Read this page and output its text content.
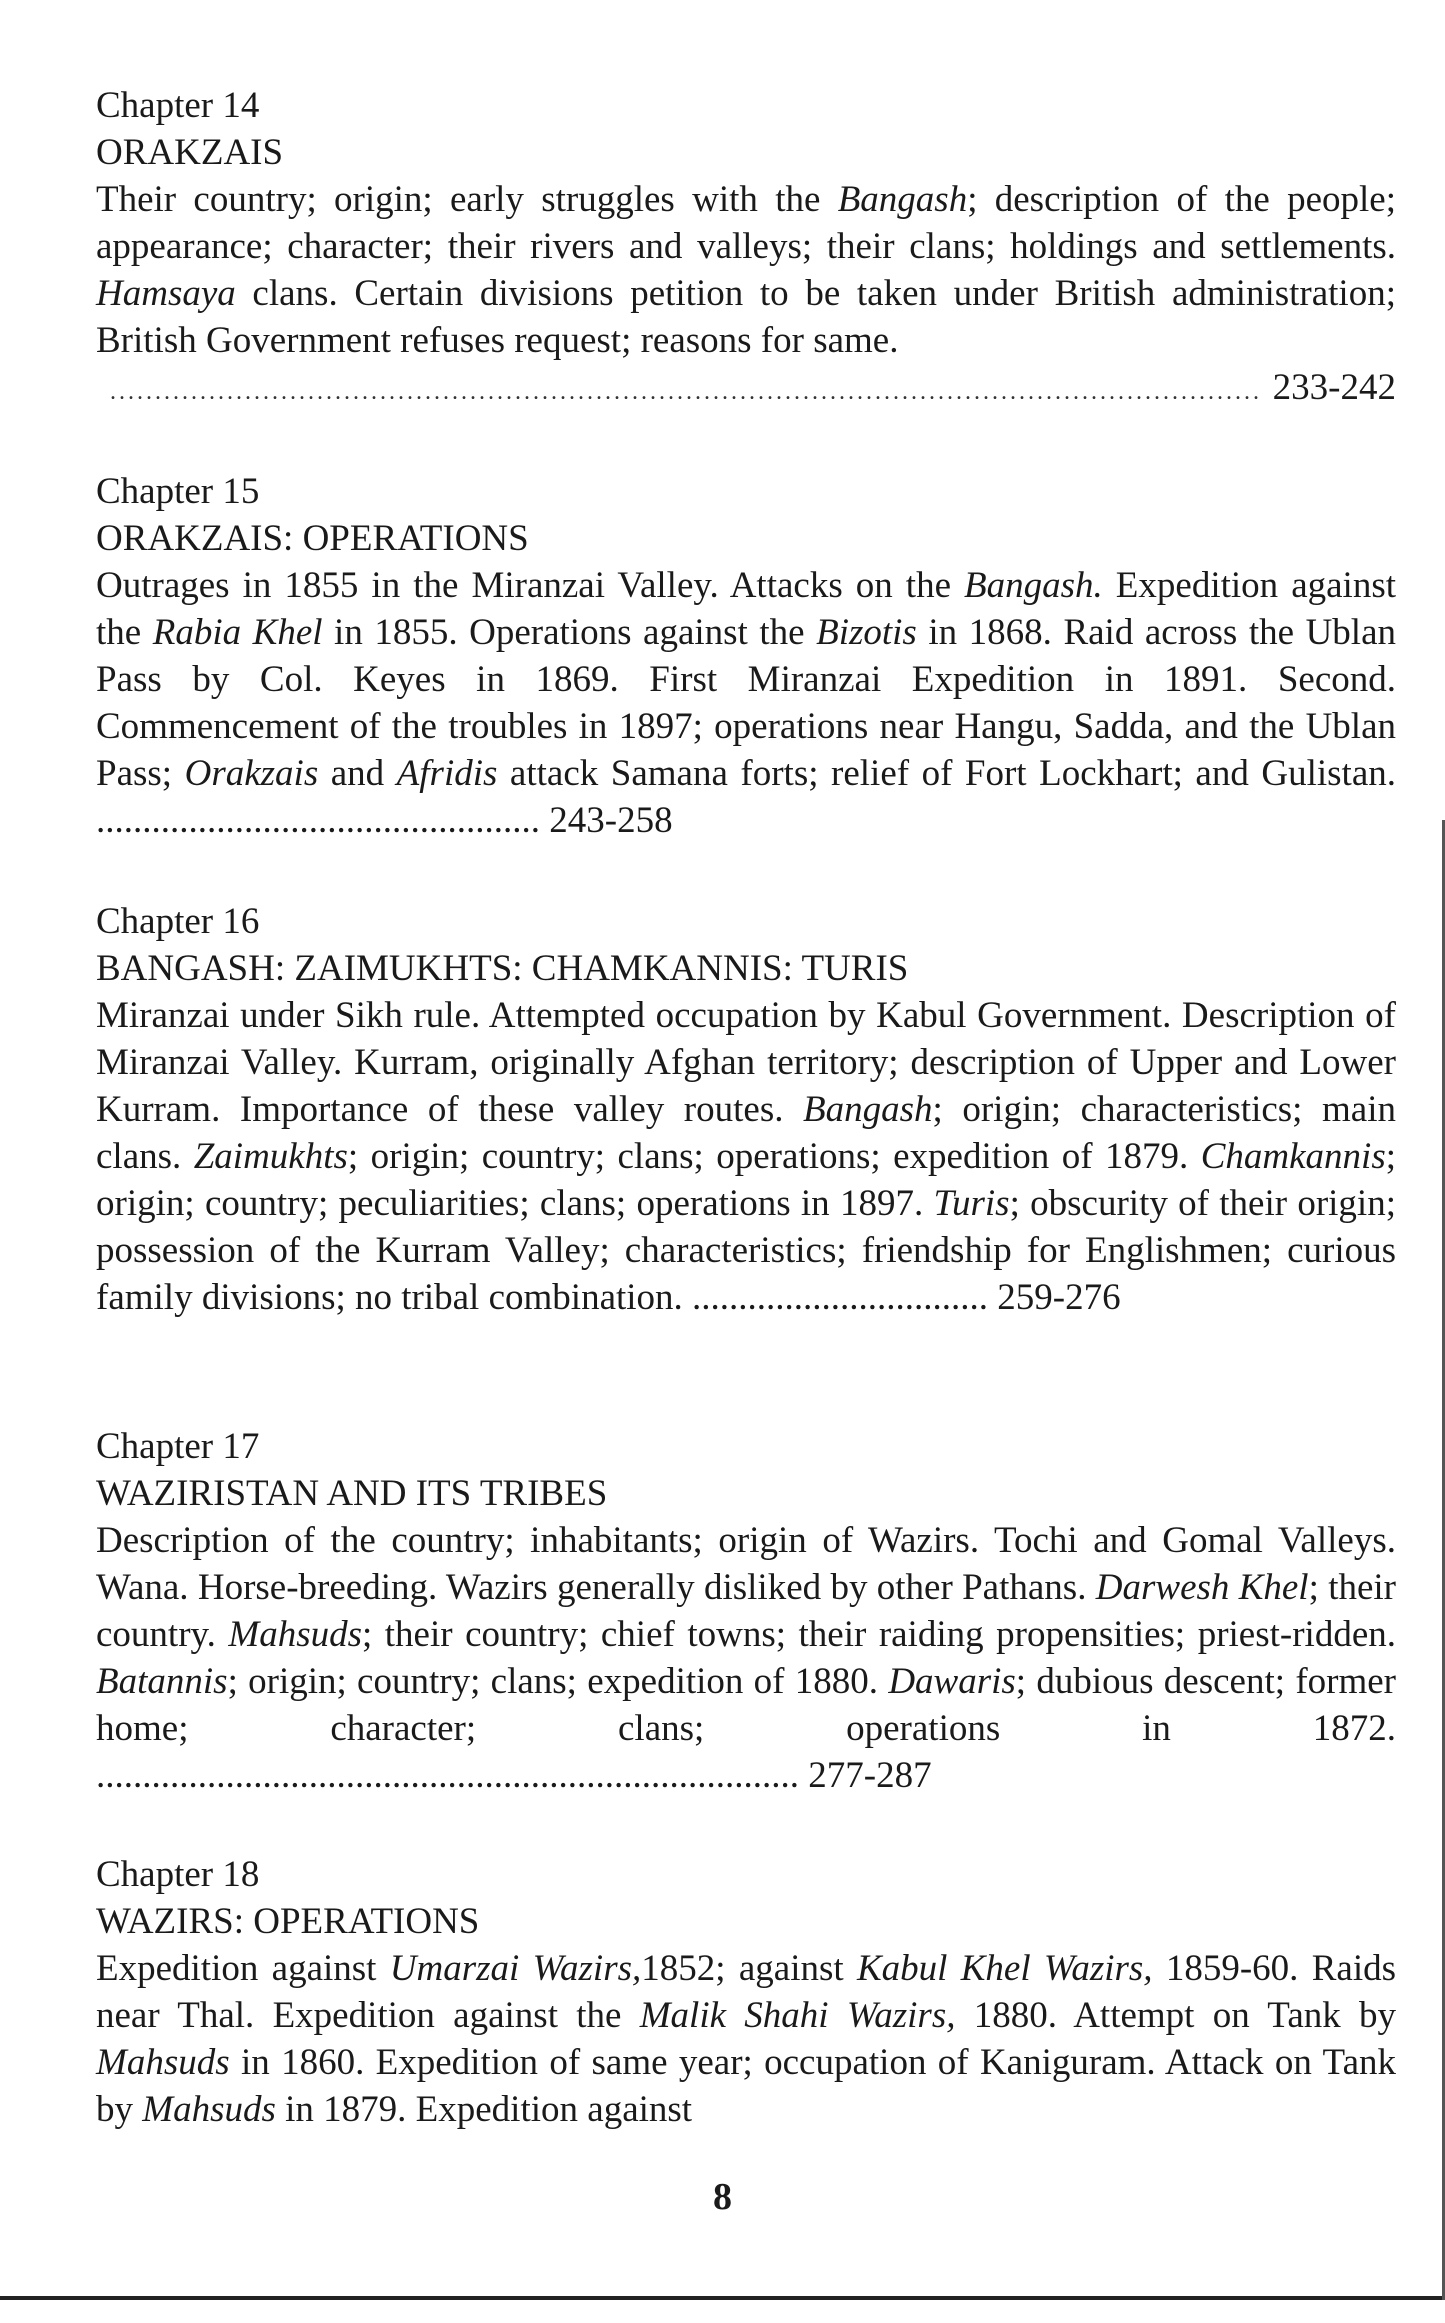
Chapter 14
ORAKZAIS
Their country; origin; early struggles with the Bangash; description of the people; appearance; character; their rivers and valleys; their clans; holdings and settlements. Hamsaya clans. Certain divisions petition to be taken under British administration; British Government refuses request; reasons for same.
.....
233-242
Chapter 15
ORAKZAIS: OPERATIONS
Outrages in 1855 in the Miranzai Valley. Attacks on the Bangash. Expedition against the Rabia Khel in 1855. Operations against the Bizotis in 1868. Raid across the Ublan Pass by Col. Keyes in 1869. First Miranzai Expedition in 1891. Second. Commencement of the troubles in 1897; operations near Hangu, Sadda, and the Ublan Pass; Orakzais and Afridis attack Samana forts; relief of Fort Lockhart; and Gulistan. ................................................ 243-258
Chapter 16
BANGASH: ZAIMUKHTS: CHAMKANNIS: TURIS
Miranzai under Sikh rule. Attempted occupation by Kabul Government. Description of Miranzai Valley. Kurram, originally Afghan territory; description of Upper and Lower Kurram. Importance of these valley routes. Bangash; origin; characteristics; main clans. Zaimukhts; origin; country; clans; operations; expedition of 1879. Chamkannis; origin; country; peculiarities; clans; operations in 1897. Turis; obscurity of their origin; possession of the Kurram Valley; characteristics; friendship for Englishmen; curious family divisions; no tribal combination. ................................ 259-276
Chapter 17
WAZIRISTAN AND ITS TRIBES
Description of the country; inhabitants; origin of Wazirs. Tochi and Gomal Valleys. Wana. Horse-breeding. Wazirs generally disliked by other Pathans. Darwesh Khel; their country. Mahsuds; their country; chief towns; their raiding propensities; priest-ridden. Batannis; origin; country; clans; expedition of 1880. Dawaris; dubious descent; former home; character; clans; operations in 1872. ............................................................................ 277-287
Chapter 18
WAZIRS: OPERATIONS
Expedition against Umarzai Wazirs,1852; against Kabul Khel Wazirs, 1859-60. Raids near Thal. Expedition against the Malik Shahi Wazirs, 1880. Attempt on Tank by Mahsuds in 1860. Expedition of same year; occupation of Kaniguram. Attack on Tank by Mahsuds in 1879. Expedition against
8
